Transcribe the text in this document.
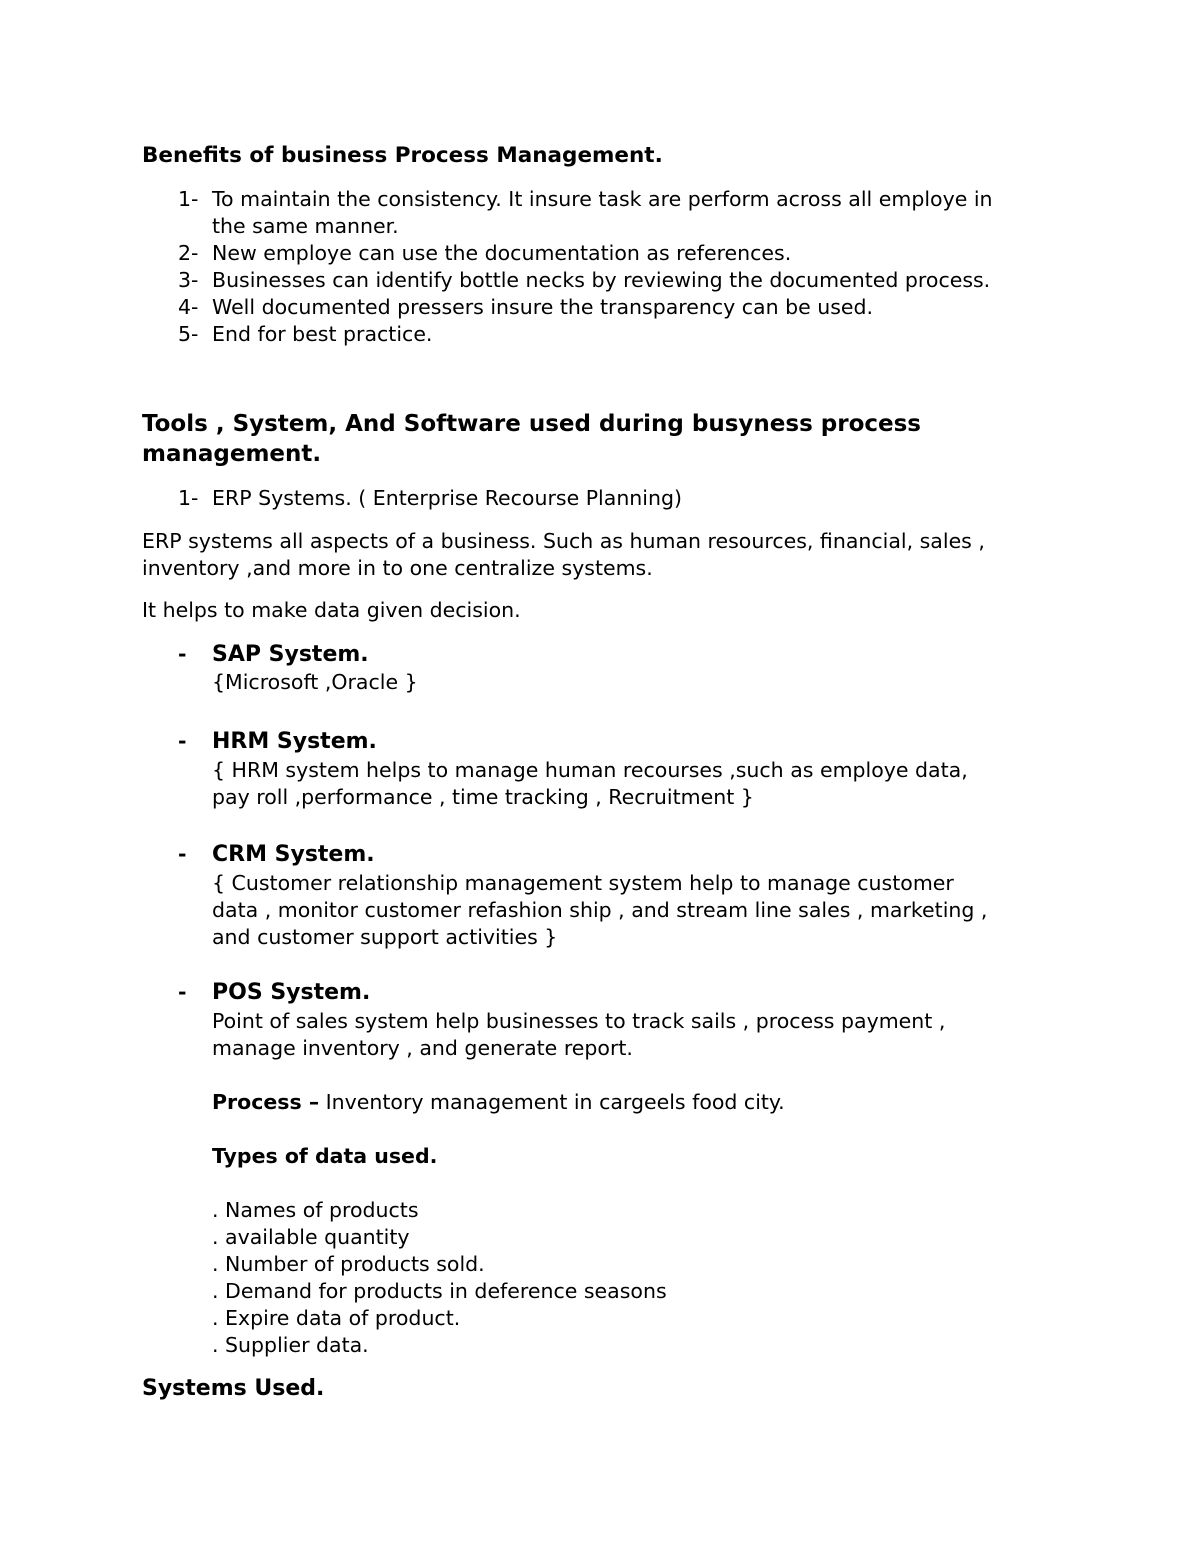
Benefits of business Process Management.
1- To maintain the consistency. It insure task are perform across all employe in
the same manner.
2- New employe can use the documentation as references.
3- Businesses can identify bottle necks by reviewing the documented process.
4- Well documented pressers insure the transparency can be used.
5- End for best practice.
Tools , System, And Software used during busyness process
management.
1- ERP Systems. ( Enterprise Recourse Planning)
ERP systems all aspects of a business. Such as human resources, financial, sales ,
inventory ,and more in to one centralize systems.
It helps to make data given decision.
- SAP System.
{Microsoft ,Oracle }
- HRM System.
{ HRM system helps to manage human recourses ,such as employe data,
pay roll ,performance , time tracking , Recruitment }
- CRM System.
{ Customer relationship management system help to manage customer
data , monitor customer refashion ship , and stream line sales , marketing ,
and customer support activities }
- POS System.
Point of sales system help businesses to track sails , process payment ,
manage inventory , and generate report.
Process – Inventory management in cargeels food city.
Types of data used.
. Names of products
. available quantity
. Number of products sold.
. Demand for products in deference seasons
. Expire data of product.
. Supplier data.
Systems Used.
